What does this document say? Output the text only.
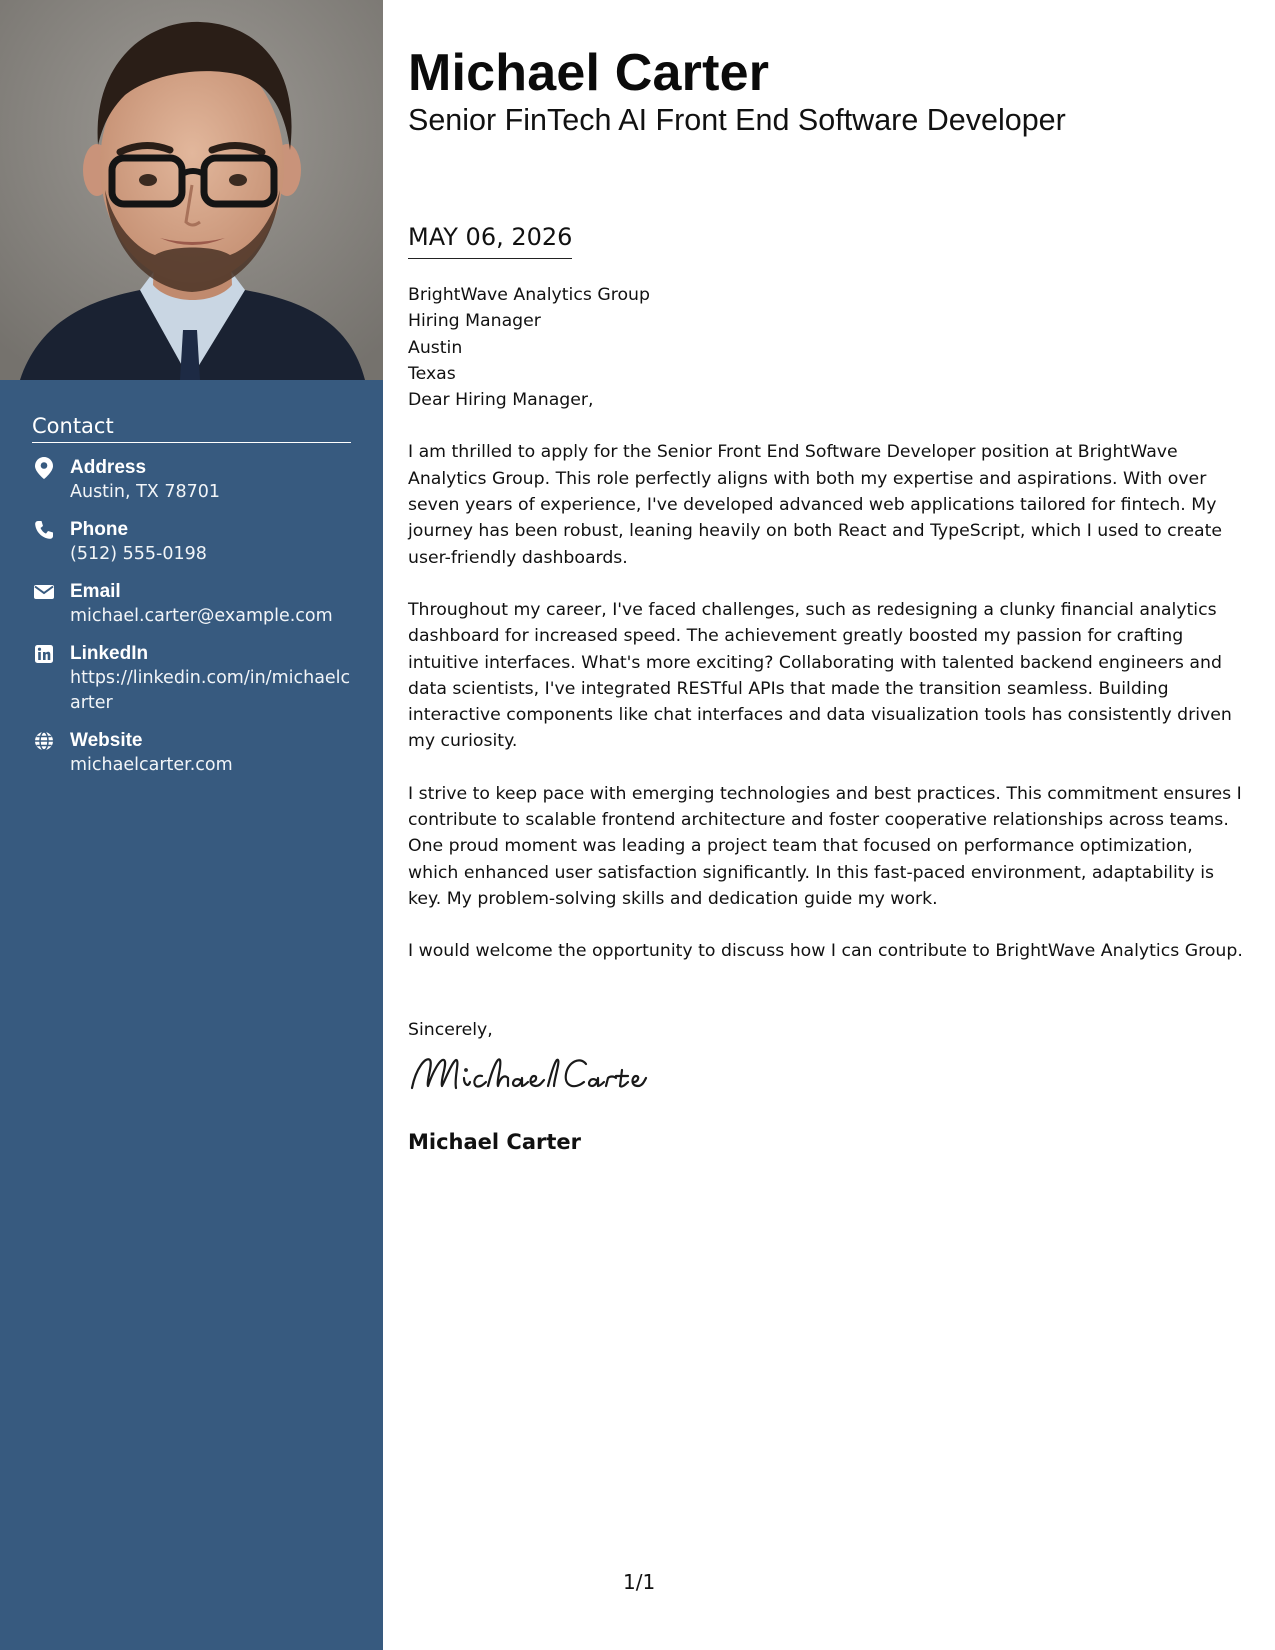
Contact
Address
Austin, TX 78701
Phone
(512) 555-0198
Email
michael.carter@example.com
LinkedIn
https://linkedin.com/in/michaelcarter
Website
michaelcarter.com
Michael Carter
Senior FinTech AI Front End Software Developer
MAY 06, 2026
BrightWave Analytics Group
Hiring Manager
Austin
Texas
Dear Hiring Manager,

I am thrilled to apply for the Senior Front End Software Developer position at BrightWave Analytics Group. This role perfectly aligns with both my expertise and aspirations. With over seven years of experience, I've developed advanced web applications tailored for fintech. My journey has been robust, leaning heavily on both React and TypeScript, which I used to create user-friendly dashboards.

Throughout my career, I've faced challenges, such as redesigning a clunky financial analytics dashboard for increased speed. The achievement greatly boosted my passion for crafting intuitive interfaces. What's more exciting? Collaborating with talented backend engineers and data scientists, I've integrated RESTful APIs that made the transition seamless. Building interactive components like chat interfaces and data visualization tools has consistently driven my curiosity.

I strive to keep pace with emerging technologies and best practices. This commitment ensures I contribute to scalable frontend architecture and foster cooperative relationships across teams. One proud moment was leading a project team that focused on performance optimization, which enhanced user satisfaction significantly. In this fast-paced environment, adaptability is key. My problem-solving skills and dedication guide my work.

I would welcome the opportunity to discuss how I can contribute to BrightWave Analytics Group.

Sincerely,
Michael Carter
1/1
